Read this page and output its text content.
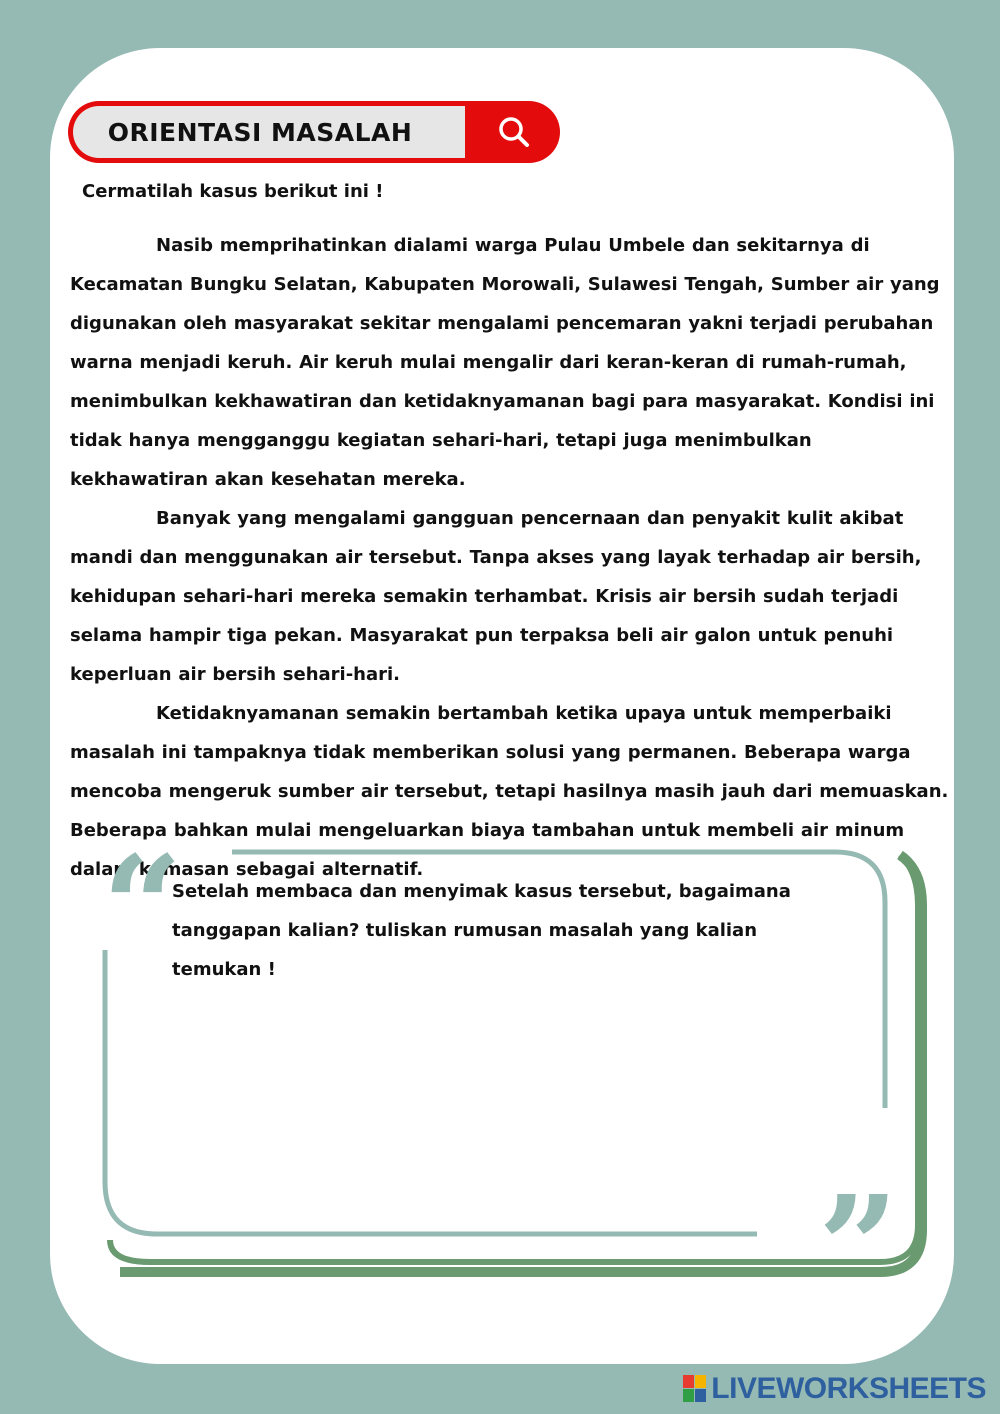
ORIENTASI MASALAH

Cermatilah kasus berikut ini !

Nasib memprihatinkan dialami warga Pulau Umbele dan sekitarnya di Kecamatan Bungku Selatan, Kabupaten Morowali, Sulawesi Tengah, Sumber air yang digunakan oleh masyarakat sekitar mengalami pencemaran yakni terjadi perubahan warna menjadi keruh. Air keruh mulai mengalir dari keran-keran di rumah-rumah, menimbulkan kekhawatiran dan ketidaknyamanan bagi para masyarakat. Kondisi ini tidak hanya mengganggu kegiatan sehari-hari, tetapi juga menimbulkan kekhawatiran akan kesehatan mereka.

Banyak yang mengalami gangguan pencernaan dan penyakit kulit akibat mandi dan menggunakan air tersebut. Tanpa akses yang layak terhadap air bersih, kehidupan sehari-hari mereka semakin terhambat. Krisis air bersih sudah terjadi selama hampir tiga pekan. Masyarakat pun terpaksa beli air galon untuk penuhi keperluan air bersih sehari-hari.

Ketidaknyamanan semakin bertambah ketika upaya untuk memperbaiki masalah ini tampaknya tidak memberikan solusi yang permanen. Beberapa warga mencoba mengeruk sumber air tersebut, tetapi hasilnya masih jauh dari memuaskan. Beberapa bahkan mulai mengeluarkan biaya tambahan untuk membeli air minum dalam kemasan sebagai alternatif.

“
”

Setelah membaca dan menyimak kasus tersebut, bagaimana tanggapan kalian? tuliskan rumusan masalah yang kalian temukan !

LIVEWORKSHEETS
